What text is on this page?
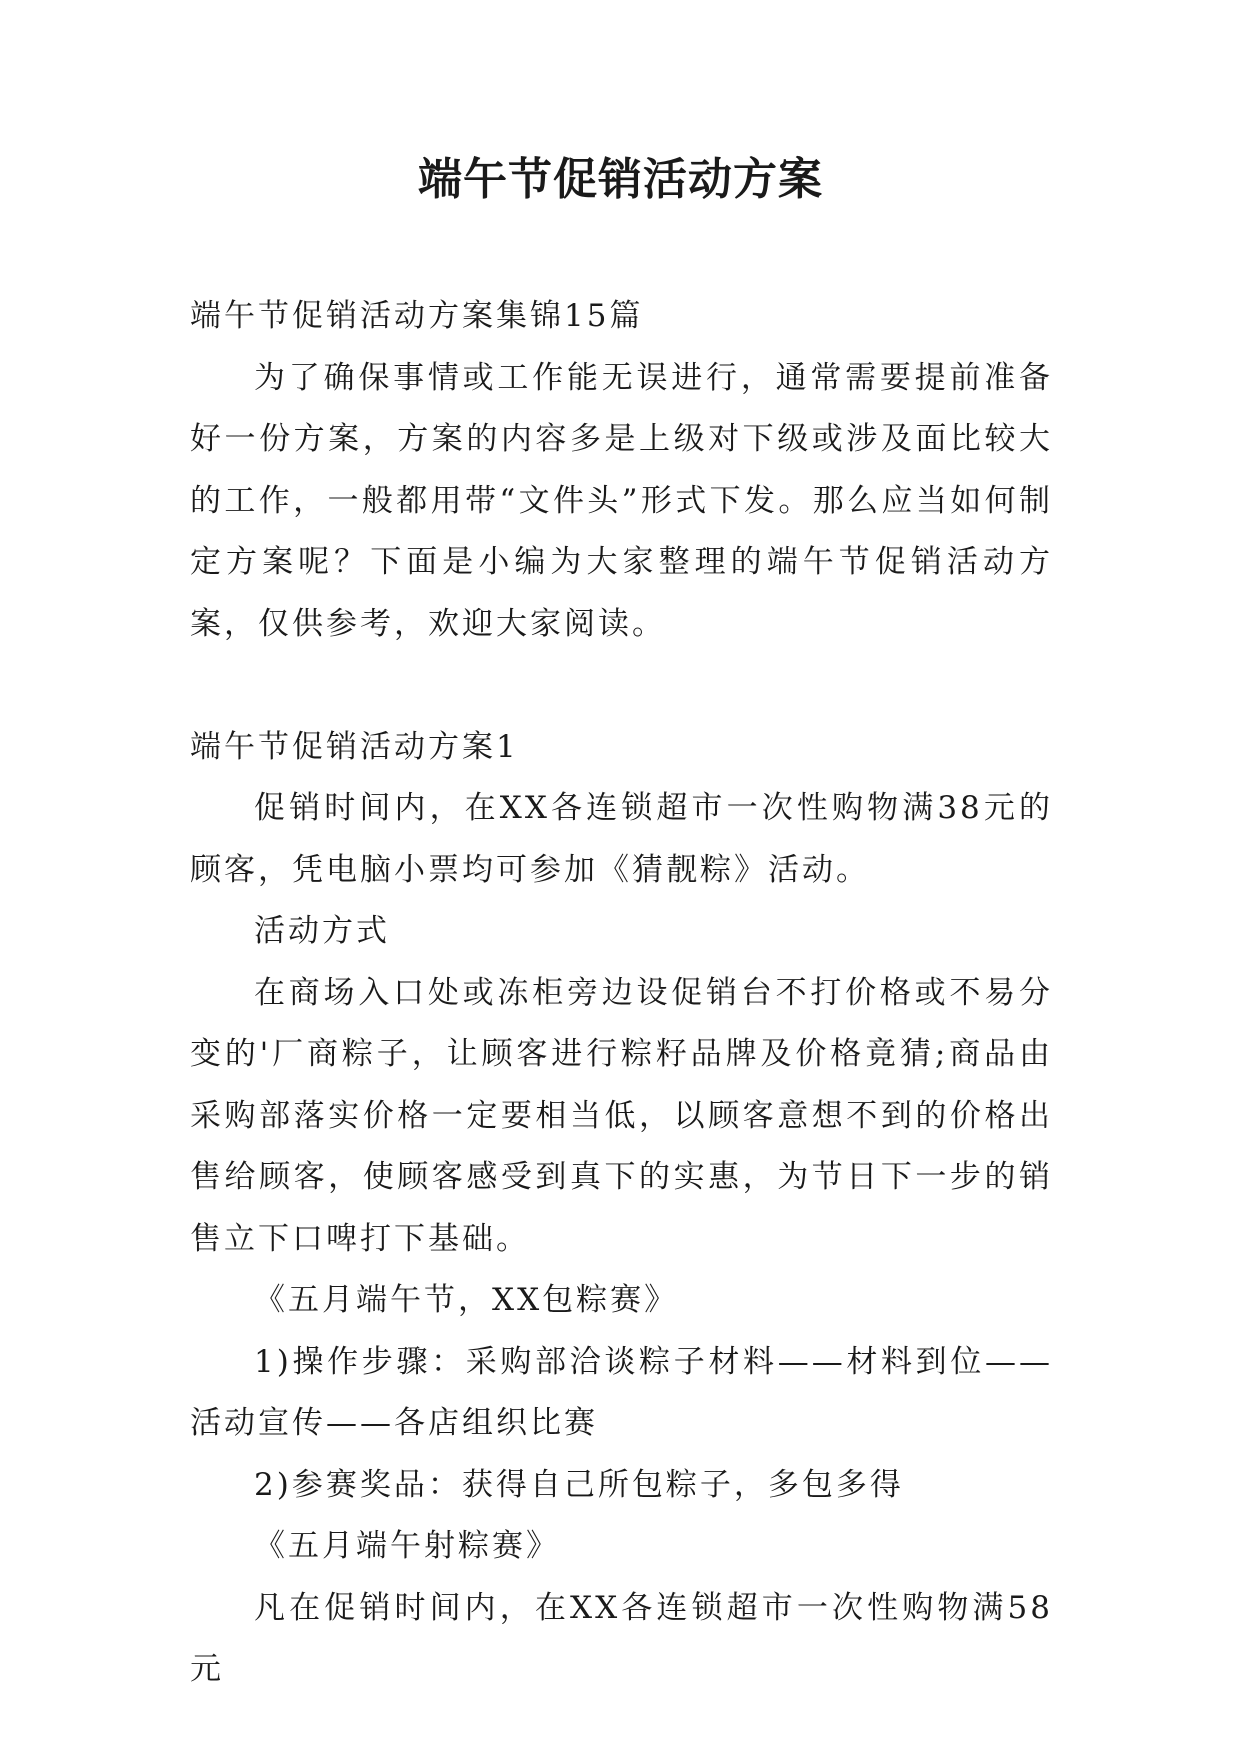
端午节促销活动方案

端午节促销活动方案集锦15篇

为了确保事情或工作能无误进行，通常需要提前准备好一份方案，方案的内容多是上级对下级或涉及面比较大的工作，一般都用带“文件头”形式下发。那么应当如何制定方案呢？下面是小编为大家整理的端午节促销活动方案，仅供参考，欢迎大家阅读。

端午节促销活动方案1

促销时间内，在XX各连锁超市一次性购物满38元的顾客，凭电脑小票均可参加《猜靓粽》活动。

活动方式

在商场入口处或冻柜旁边设促销台不打价格或不易分变的'厂商粽子，让顾客进行粽籽品牌及价格竟猜;商品由采购部落实价格一定要相当低，以顾客意想不到的价格出售给顾客，使顾客感受到真下的实惠，为节日下一步的销售立下口啤打下基础。

《五月端午节，XX包粽赛》

1)操作步骤：采购部洽谈粽子材料——材料到位——活动宣传——各店组织比赛

2)参赛奖品：获得自己所包粽子，多包多得

《五月端午射粽赛》

凡在促销时间内，在XX各连锁超市一次性购物满58元
